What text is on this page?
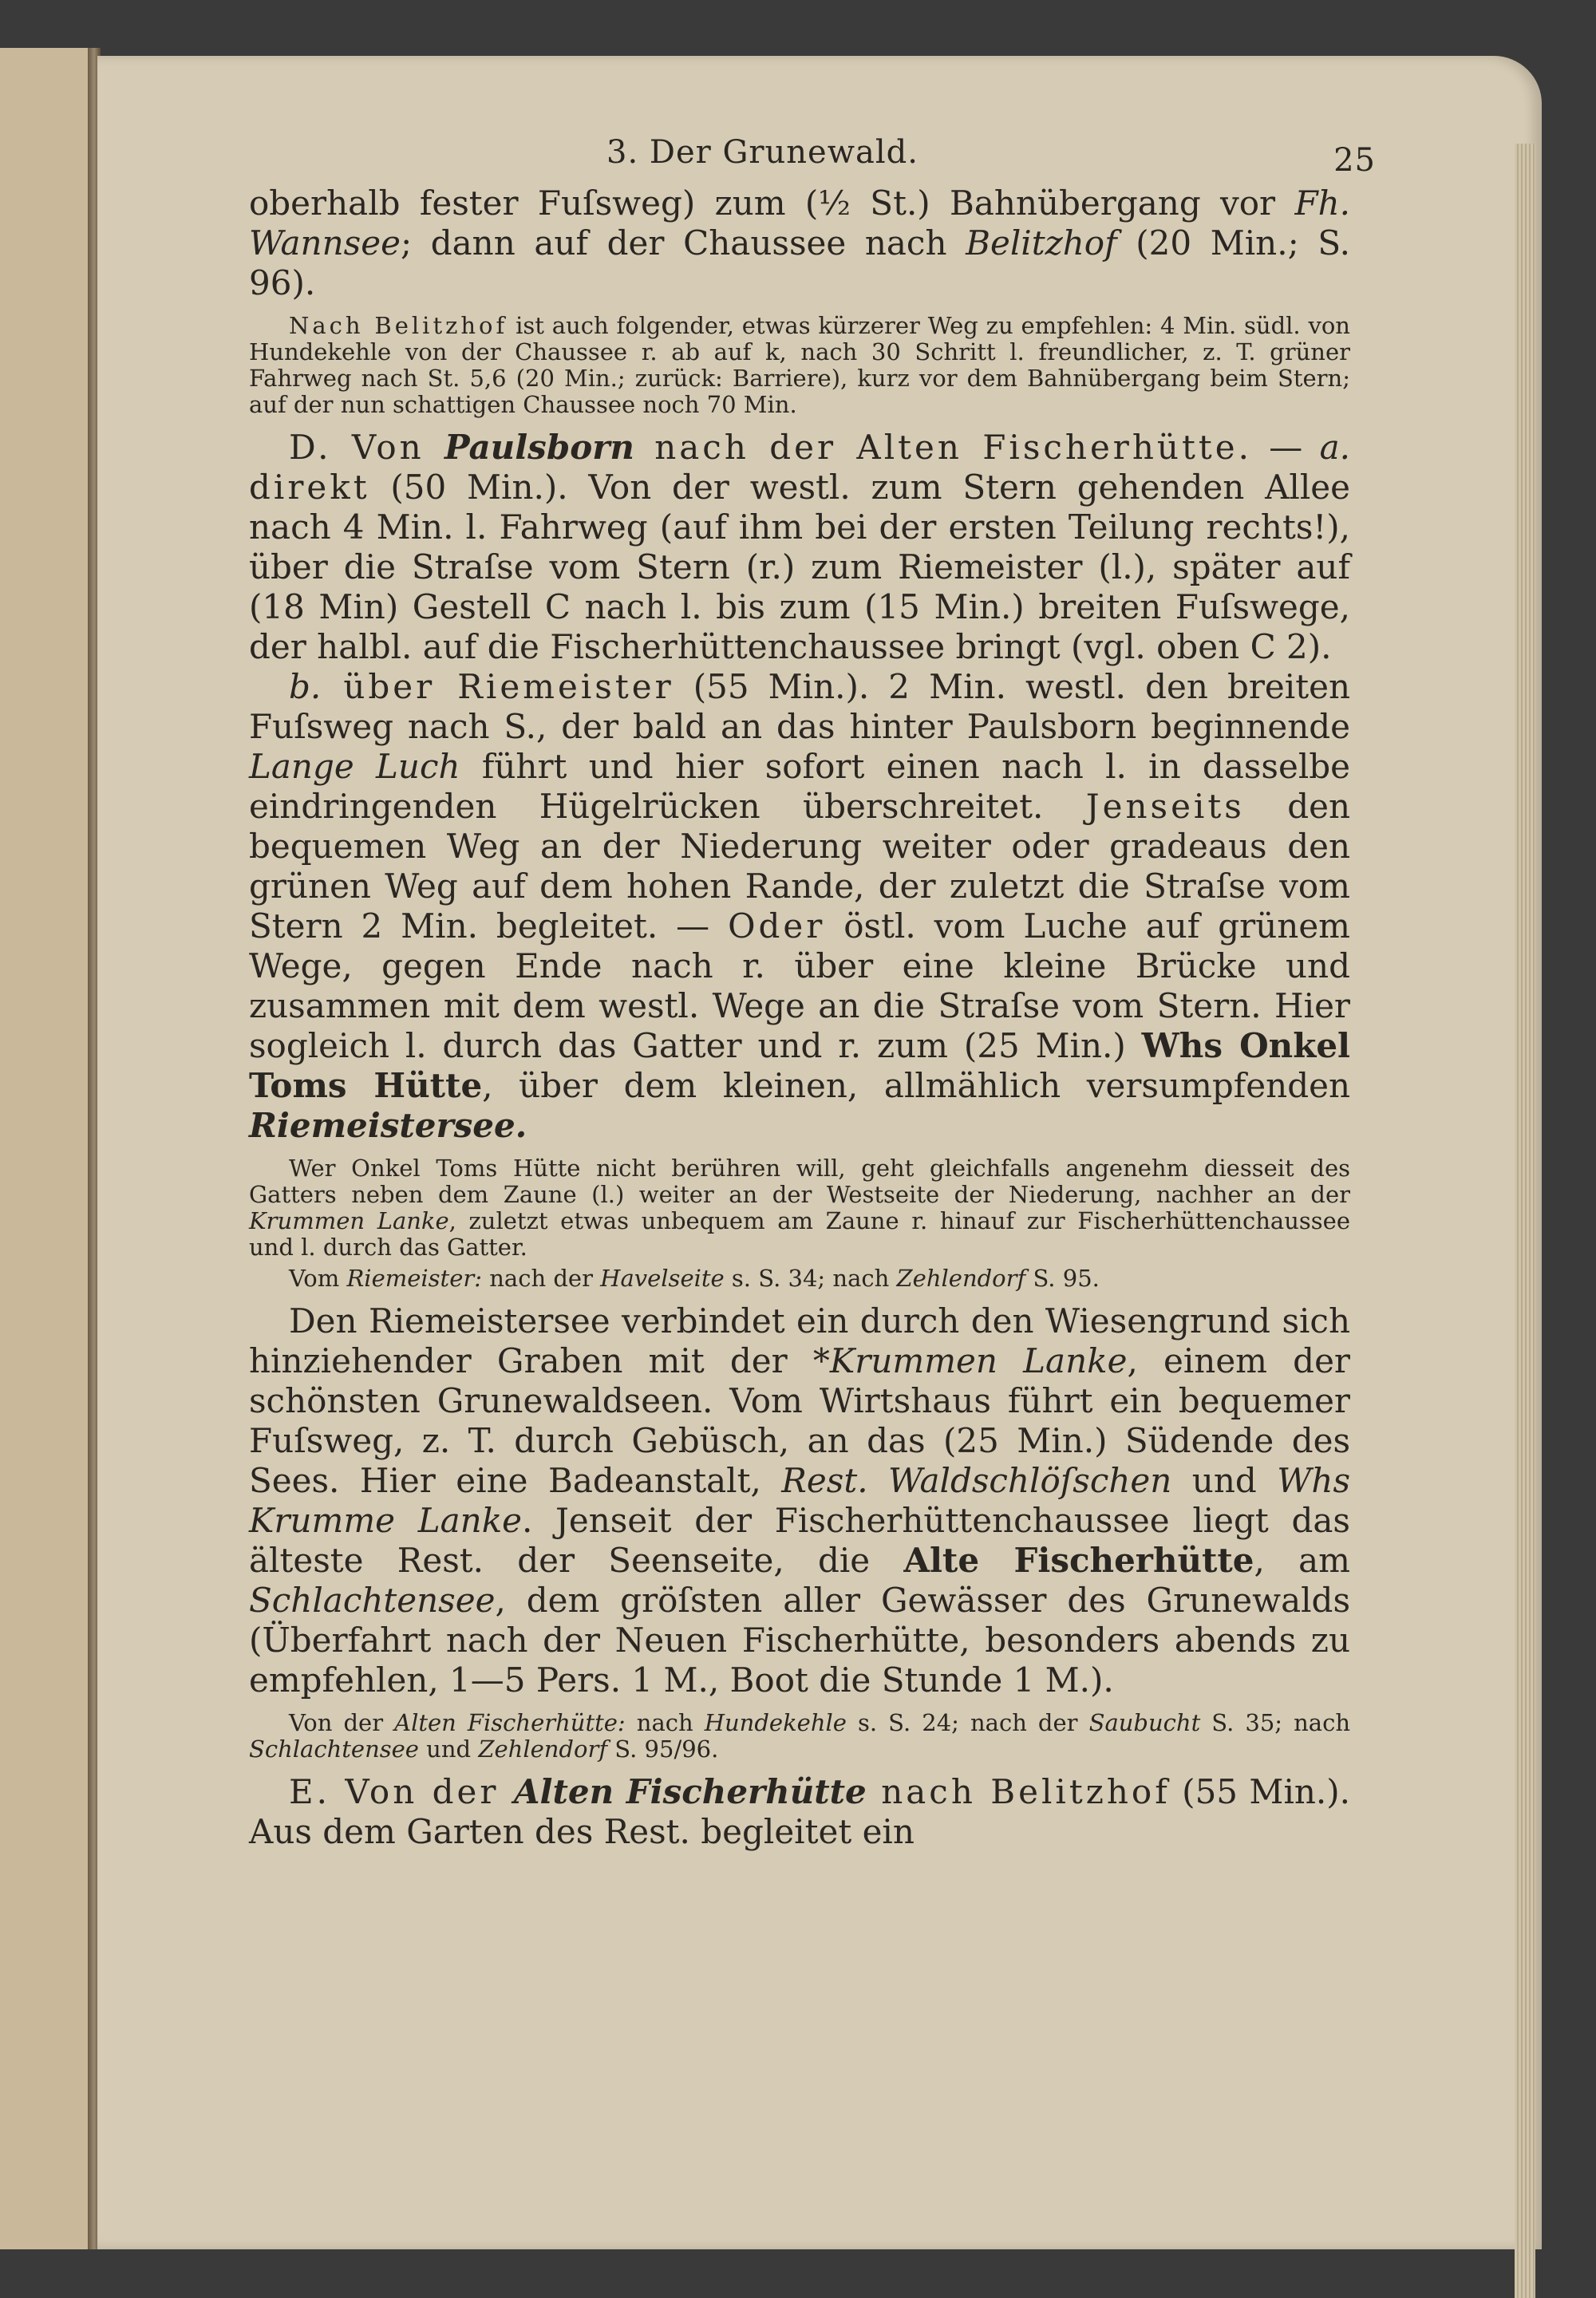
3. Der Grunewald.	25

oberhalb fester Fuſsweg) zum (½ St.) Bahnübergang vor Fh. Wannsee; dann auf der Chaussee nach Belitzhof (20 Min.; S. 96).

Nach Belitzhof ist auch folgender, etwas kürzerer Weg zu empfehlen: 4 Min. südl. von Hundekehle von der Chaussee r. ab auf k, nach 30 Schritt l. freundlicher, z. T. grüner Fahrweg nach St. 5,6 (20 Min.; zurück: Barriere), kurz vor dem Bahnübergang beim Stern; auf der nun schattigen Chaussee noch 70 Min.

D. Von Paulsborn nach der Alten Fischerhütte. — a. direkt (50 Min.). Von der westl. zum Stern gehenden Allee nach 4 Min. l. Fahrweg (auf ihm bei der ersten Teilung rechts!), über die Straſse vom Stern (r.) zum Riemeister (l.), später auf (18 Min) Gestell C nach l. bis zum (15 Min.) breiten Fuſswege, der halbl. auf die Fischerhüttenchaussee bringt (vgl. oben C 2).

b. über Riemeister (55 Min.). 2 Min. westl. den breiten Fuſsweg nach S., der bald an das hinter Paulsborn beginnende Lange Luch führt und hier sofort einen nach l. in dasselbe eindringenden Hügelrücken überschreitet. Jenseits den bequemen Weg an der Niederung weiter oder gradeaus den grünen Weg auf dem hohen Rande, der zuletzt die Straſse vom Stern 2 Min. begleitet. — Oder östl. vom Luche auf grünem Wege, gegen Ende nach r. über eine kleine Brücke und zusammen mit dem westl. Wege an die Straſse vom Stern. Hier sogleich l. durch das Gatter und r. zum (25 Min.) Whs Onkel Toms Hütte, über dem kleinen, allmählich versumpfenden Riemeistersee.

Wer Onkel Toms Hütte nicht berühren will, geht gleichfalls angenehm diesseit des Gatters neben dem Zaune (l.) weiter an der Westseite der Niederung, nachher an der Krummen Lanke, zuletzt etwas unbequem am Zaune r. hinauf zur Fischerhüttenchaussee und l. durch das Gatter.

Vom Riemeister: nach der Havelseite s. S. 34; nach Zehlendorf S. 95.

Den Riemeistersee verbindet ein durch den Wiesengrund sich hinziehender Graben mit der *Krummen Lanke, einem der schönsten Grunewaldseen. Vom Wirtshaus führt ein bequemer Fuſsweg, z. T. durch Gebüsch, an das (25 Min.) Südende des Sees. Hier eine Badeanstalt, Rest. Waldschlöſschen und Whs Krumme Lanke. Jenseit der Fischerhüttenchaussee liegt das älteste Rest. der Seenseite, die Alte Fischerhütte, am Schlachtensee, dem gröſsten aller Gewässer des Grunewalds (Überfahrt nach der Neuen Fischerhütte, besonders abends zu empfehlen, 1—5 Pers. 1 M., Boot die Stunde 1 M.).

Von der Alten Fischerhütte: nach Hundekehle s. S. 24; nach der Saubucht S. 35; nach Schlachtensee und Zehlendorf S. 95/96.

E. Von der Alten Fischerhütte nach Belitzhof (55 Min.). Aus dem Garten des Rest. begleitet ein
